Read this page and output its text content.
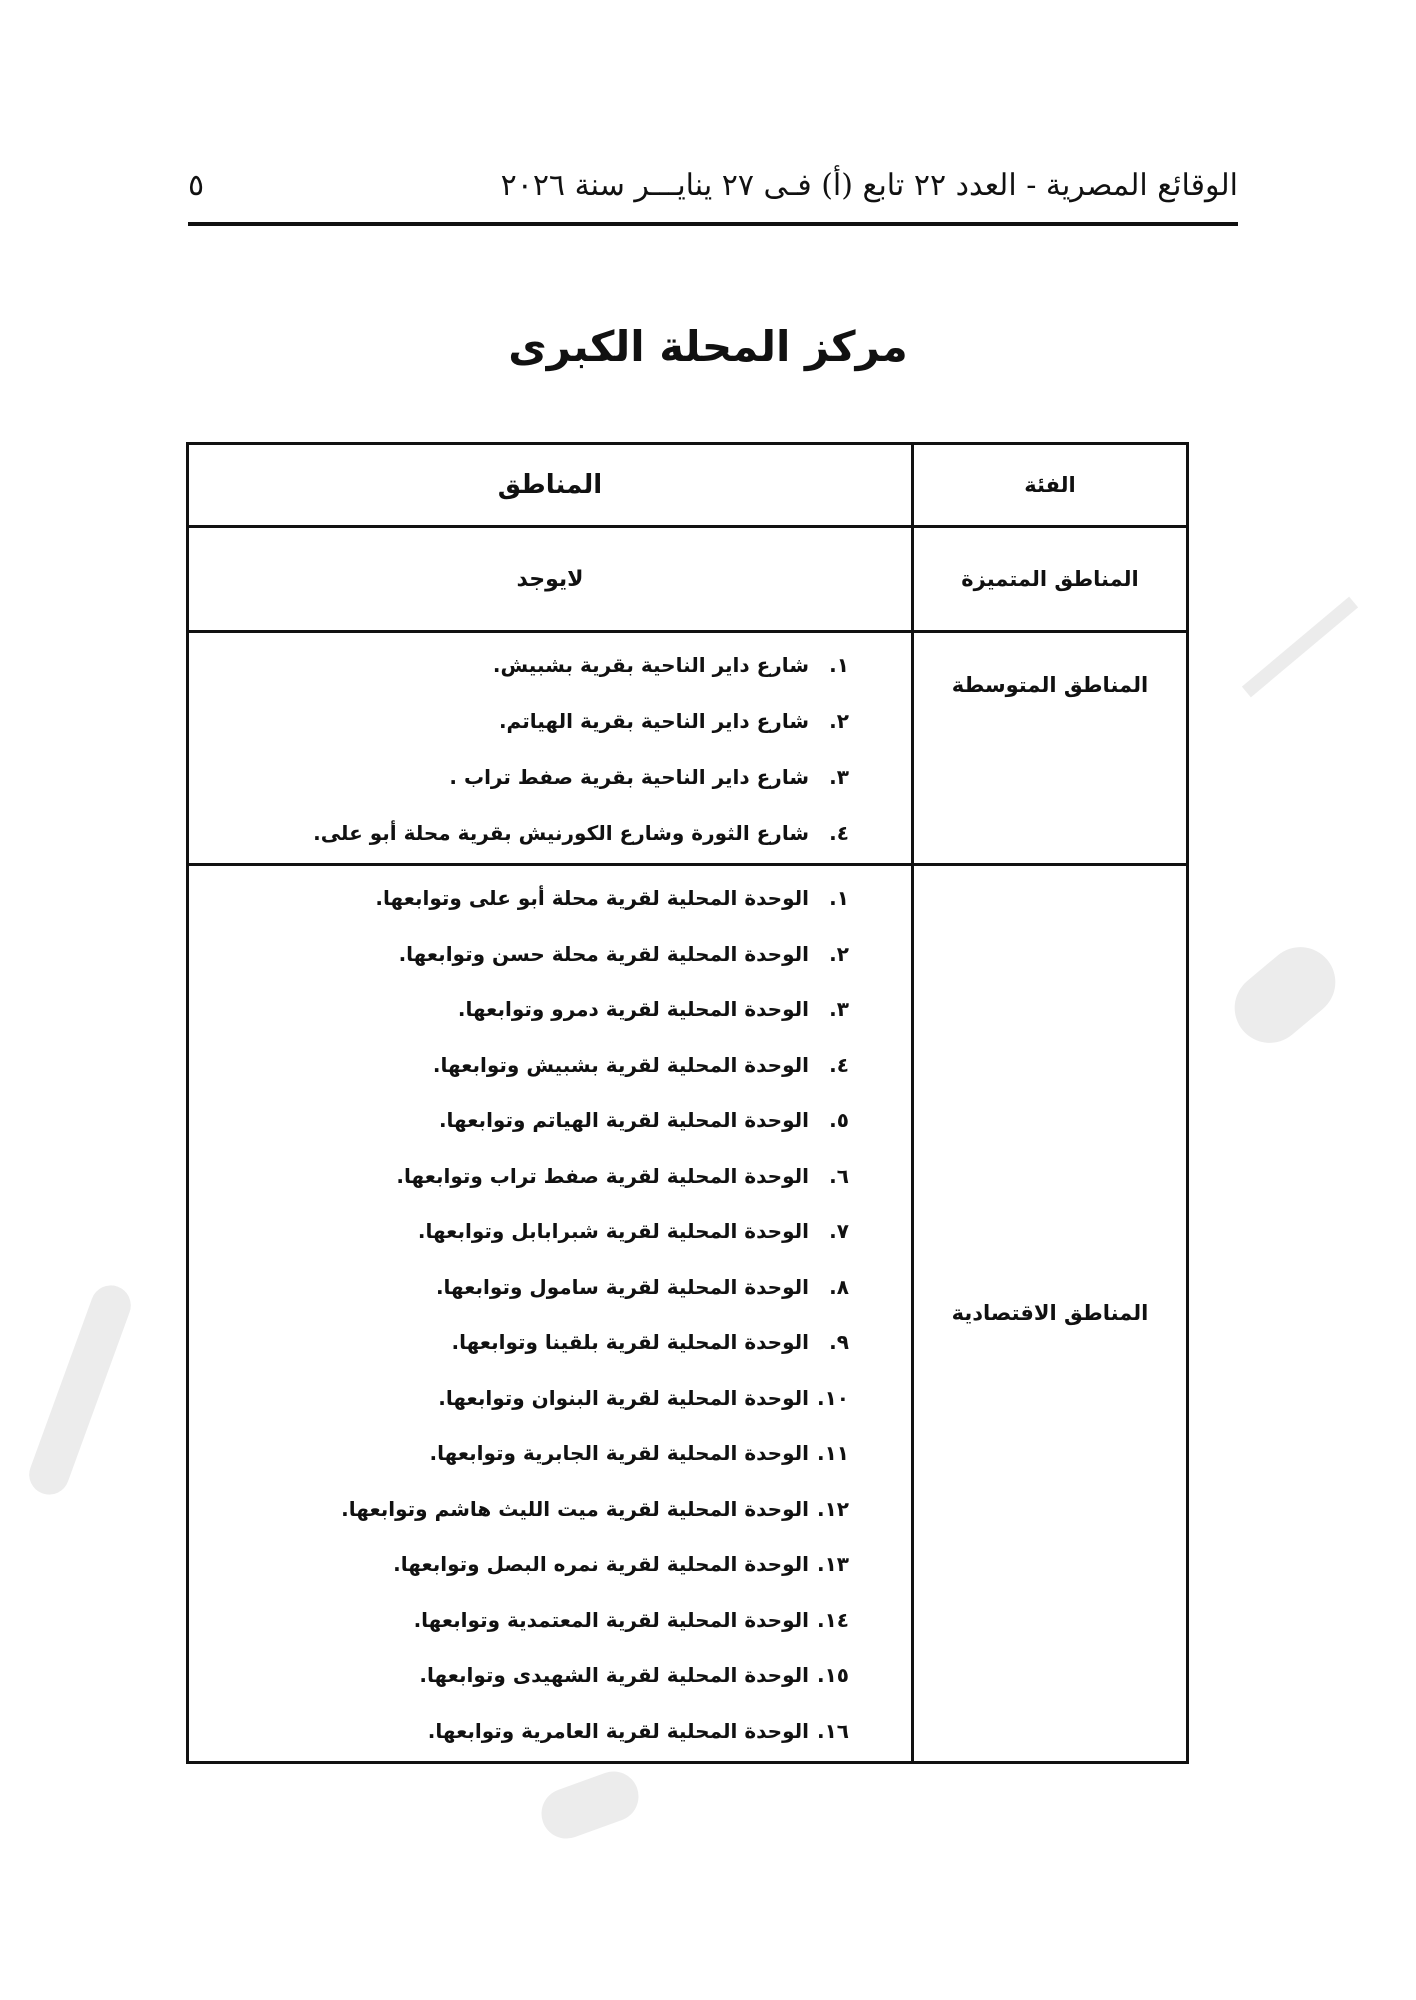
الوقائع المصرية - العدد ٢٢ تابع (أ) فـى ٢٧ ينايـــر سنة ٢٠٢٦
٥
مركز المحلة الكبرى
الفئة	المناطق
المناطق المتميزة	لايوجد
المناطق المتوسطة	
١.شارع داير الناحية بقرية بشبيش.
٢.شارع داير الناحية بقرية الهياتم.
٣.شارع داير الناحية بقرية صفط تراب .
٤.شارع الثورة وشارع الكورنيش بقرية محلة أبو على.

المناطق الاقتصادية	
١.الوحدة المحلية لقرية محلة أبو على وتوابعها.
٢.الوحدة المحلية لقرية محلة حسن وتوابعها.
٣.الوحدة المحلية لقرية دمرو وتوابعها.
٤.الوحدة المحلية لقرية بشبيش وتوابعها.
٥.الوحدة المحلية لقرية الهياتم وتوابعها.
٦.الوحدة المحلية لقرية صفط تراب وتوابعها.
٧.الوحدة المحلية لقرية شبرابابل وتوابعها.
٨.الوحدة المحلية لقرية سامول وتوابعها.
٩.الوحدة المحلية لقرية بلقينا وتوابعها.
١٠.الوحدة المحلية لقرية البنوان وتوابعها.
١١.الوحدة المحلية لقرية الجابرية وتوابعها.
١٢.الوحدة المحلية لقرية ميت الليث هاشم وتوابعها.
١٣.الوحدة المحلية لقرية نمره البصل وتوابعها.
١٤.الوحدة المحلية لقرية المعتمدية وتوابعها.
١٥.الوحدة المحلية لقرية الشهيدى وتوابعها.
١٦.الوحدة المحلية لقرية العامرية وتوابعها.
